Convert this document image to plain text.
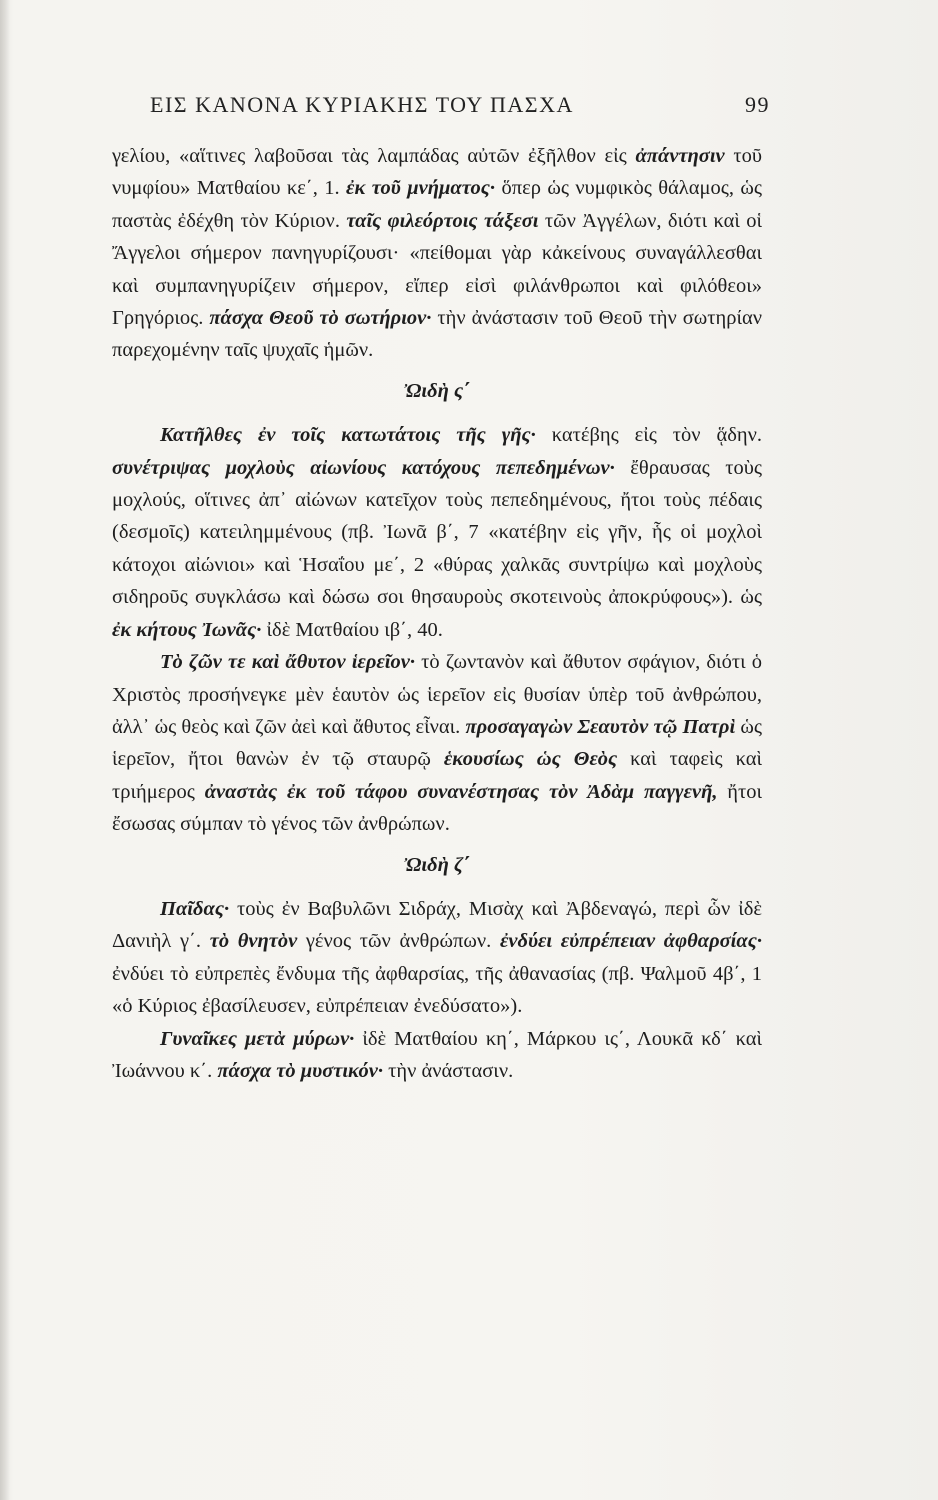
ΕΙΣ ΚΑΝΟΝΑ ΚΥΡΙΑΚΗΣ ΤΟΥ ΠΑΣΧΑ	99

γελίου, «αἵτινες λαβοῦσαι τὰς λαμπάδας αὐτῶν ἐξῆλθον εἰς ἀπάντησιν τοῦ νυμφίου» Ματθαίου κε΄, 1. ἐκ τοῦ μνήματος· ὅπερ ὡς νυμφικὸς θάλαμος, ὡς παστὰς ἐδέχθη τὸν Κύριον. ταῖς φιλεόρτοις τάξεσι τῶν Ἀγγέλων, διότι καὶ οἱ Ἄγγελοι σήμερον πανηγυρίζουσι· «πείθομαι γὰρ κἀκείνους συναγάλλεσθαι καὶ συμπανηγυρίζειν σήμερον, εἴπερ εἰσὶ φιλάνθρωποι καὶ φιλόθεοι» Γρηγόριος. πάσχα Θεοῦ τὸ σωτήριον· τὴν ἀνάστασιν τοῦ Θεοῦ τὴν σωτηρίαν παρεχομένην ταῖς ψυχαῖς ἡμῶν.

Ὠιδὴ ς΄

Κατῆλθες ἐν τοῖς κατωτάτοις τῆς γῆς· κατέβης εἰς τὸν ᾅδην. συνέτριψας μοχλοὺς αἰωνίους κατόχους πεπεδημένων· ἔθραυσας τοὺς μοχλούς, οἵτινες ἀπ᾿ αἰώνων κατεῖχον τοὺς πεπεδημένους, ἤτοι τοὺς πέδαις (δεσμοῖς) κατειλημμένους (πβ. Ἰωνᾶ β΄, 7 «κατέβην εἰς γῆν, ἧς οἱ μοχλοὶ κάτοχοι αἰώνιοι» καὶ Ἡσαΐου με΄, 2 «θύρας χαλκᾶς συντρίψω καὶ μοχλοὺς σιδηροῦς συγκλάσω καὶ δώσω σοι θησαυροὺς σκοτεινοὺς ἀποκρύφους»). ὡς ἐκ κήτους Ἰωνᾶς· ἰδὲ Ματθαίου ιβ΄, 40.

Τὸ ζῶν τε καὶ ἄθυτον ἱερεῖον· τὸ ζωντανὸν καὶ ἄθυτον σφάγιον, διότι ὁ Χριστὸς προσήνεγκε μὲν ἑαυτὸν ὡς ἱερεῖον εἰς θυσίαν ὑπὲρ τοῦ ἀνθρώπου, ἀλλ᾿ ὡς θεὸς καὶ ζῶν ἀεὶ καὶ ἄθυτος εἶναι. προσαγαγὼν Σεαυτὸν τῷ Πατρὶ ὡς ἱερεῖον, ἤτοι θανὼν ἐν τῷ σταυρῷ ἑκουσίως ὡς Θεὸς καὶ ταφεὶς καὶ τριήμερος ἀναστὰς ἐκ τοῦ τάφου συνανέστησας τὸν Ἀδὰμ παγγενῆ, ἤτοι ἔσωσας σύμπαν τὸ γένος τῶν ἀνθρώπων.

Ὠιδὴ ζ΄

Παῖδας· τοὺς ἐν Βαβυλῶνι Σιδράχ, Μισὰχ καὶ Ἀβδεναγώ, περὶ ὧν ἰδὲ Δανιὴλ γ΄. τὸ θνητὸν γένος τῶν ἀνθρώπων. ἐνδύει εὐπρέπειαν ἀφθαρσίας· ἐνδύει τὸ εὐπρεπὲς ἔνδυμα τῆς ἀφθαρσίας, τῆς ἀθανασίας (πβ. Ψαλμοῦ 4β΄, 1 «ὁ Κύριος ἐβασίλευσεν, εὐπρέπειαν ἐνεδύσατο»).

Γυναῖκες μετὰ μύρων· ἰδὲ Ματθαίου κη΄, Μάρκου ις΄, Λουκᾶ κδ΄ καὶ Ἰωάννου κ΄. πάσχα τὸ μυστικόν· τὴν ἀνάστασιν.
